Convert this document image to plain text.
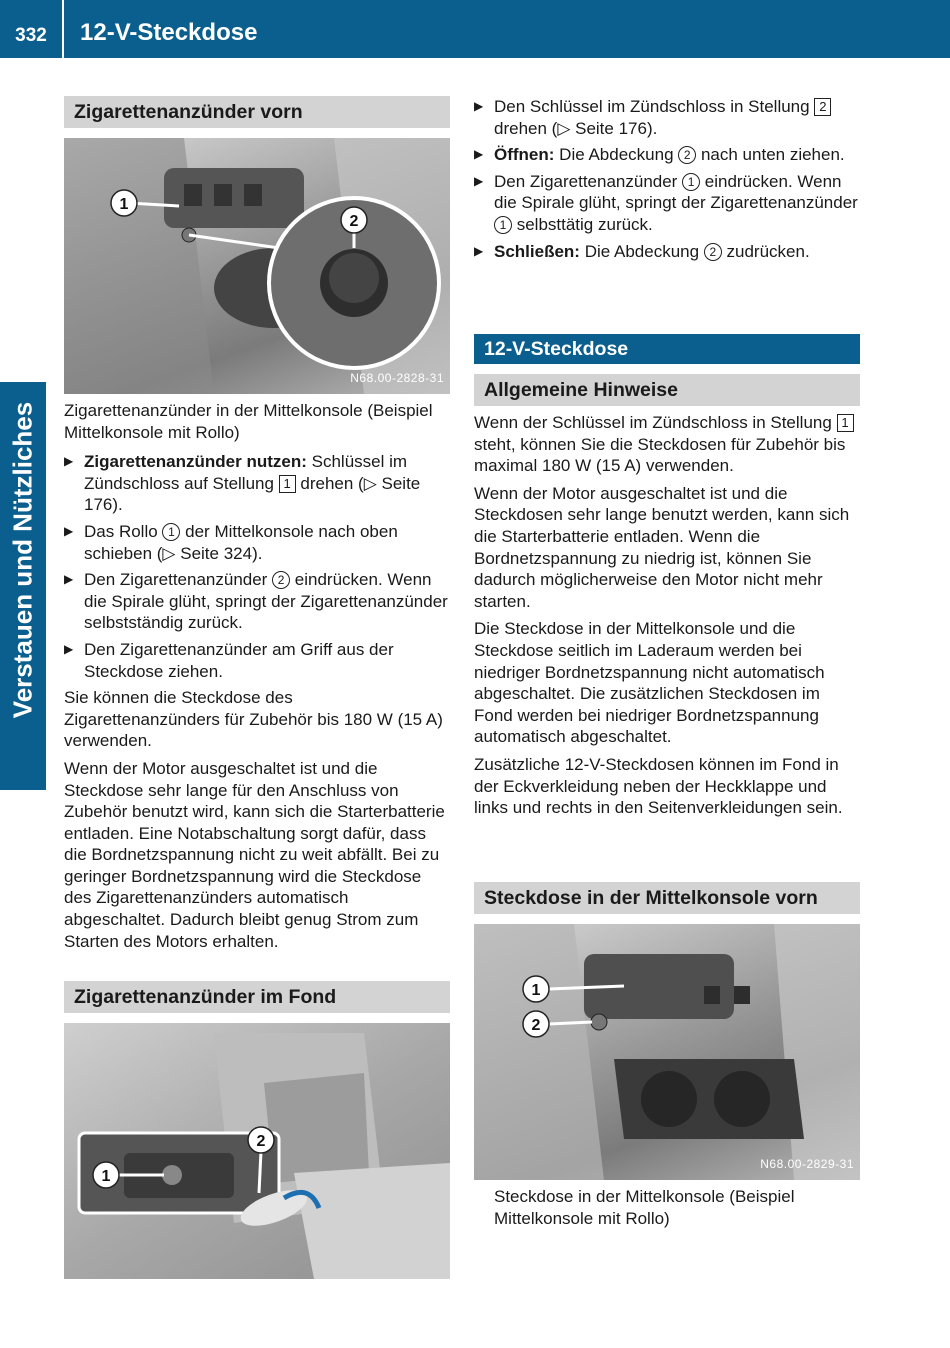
332	12-V-Steckdose
Verstauen und Nützliches
Zigarettenanzünder vorn
1
2
N68.00-2828-31

Zigarettenanzünder in der Mittelkonsole (Beispiel Mittelkonsole mit Rollo)

▶ Zigarettenanzünder nutzen: Schlüssel im Zündschloss auf Stellung 1 drehen (▷ Seite 176).
▶ Das Rollo 1 der Mittelkonsole nach oben schieben (▷ Seite 324).
▶ Den Zigarettenanzünder 2 eindrücken. Wenn die Spirale glüht, springt der Zigarettenanzünder selbstständig zurück.
▶ Den Zigarettenanzünder am Griff aus der Steckdose ziehen.

Sie können die Steckdose des Zigarettenanzünders für Zubehör bis 180 W (15 A) verwenden.

Wenn der Motor ausgeschaltet ist und die Steckdose sehr lange für den Anschluss von Zubehör benutzt wird, kann sich die Starterbatterie entladen. Eine Notabschaltung sorgt dafür, dass die Bordnetzspannung nicht zu weit abfällt. Bei zu geringer Bordnetzspannung wird die Steckdose des Zigarettenanzünders automatisch abgeschaltet. Dadurch bleibt genug Strom zum Starten des Motors erhalten.

Zigarettenanzünder im Fond
1
2
▶ Den Schlüssel im Zündschloss in Stellung 2 drehen (▷ Seite 176).
▶ Öffnen: Die Abdeckung 2 nach unten ziehen.
▶ Den Zigarettenanzünder 1 eindrücken. Wenn die Spirale glüht, springt der Zigarettenanzünder 1 selbsttätig zurück.
▶ Schließen: Die Abdeckung 2 zudrücken.
12-V-Steckdose
Allgemeine Hinweise

Wenn der Schlüssel im Zündschloss in Stellung 1 steht, können Sie die Steckdosen für Zubehör bis maximal 180 W (15 A) verwenden.

Wenn der Motor ausgeschaltet ist und die Steckdosen sehr lange benutzt werden, kann sich die Starterbatterie entladen. Wenn die Bordnetzspannung zu niedrig ist, können Sie dadurch möglicherweise den Motor nicht mehr starten.

Die Steckdose in der Mittelkonsole und die Steckdose seitlich im Laderaum werden bei niedriger Bordnetzspannung nicht automatisch abgeschaltet. Die zusätzlichen Steckdosen im Fond werden bei niedriger Bordnetzspannung automatisch abgeschaltet.

Zusätzliche 12-V-Steckdosen können im Fond in der Eckverkleidung neben der Heckklappe und links und rechts in den Seitenverkleidungen sein.

Steckdose in der Mittelkonsole vorn
1
2
N68.00-2829-31

Steckdose in der Mittelkonsole (Beispiel Mittelkonsole mit Rollo)
